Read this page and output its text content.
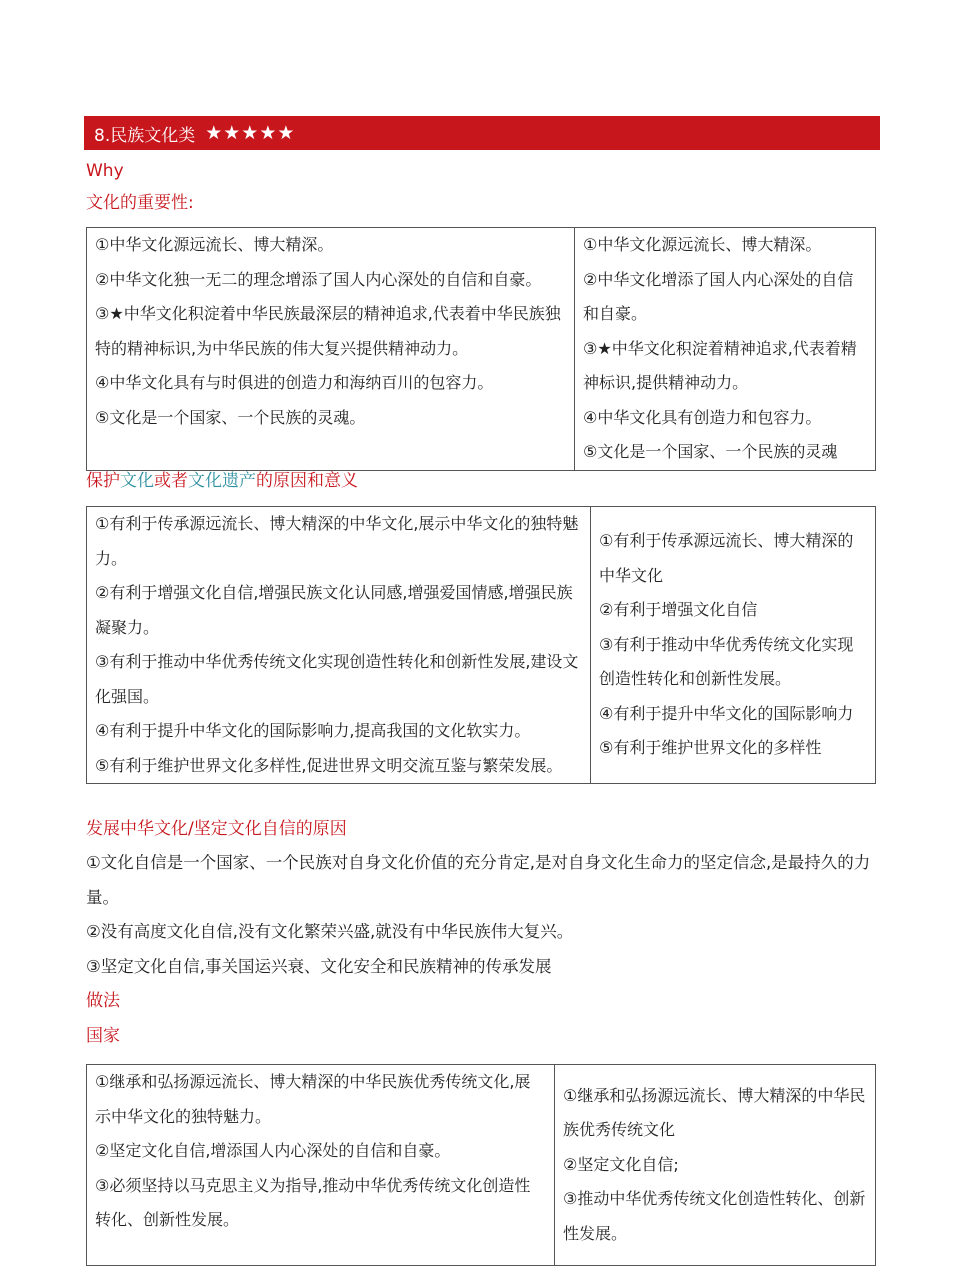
8.民族文化类 ★★★★★
Why
文化的重要性:
①中华文化源远流长、博大精深。
②中华文化独一无二的理念增添了国人内心深处的自信和自豪。
③★中华文化积淀着中华民族最深层的精神追求,代表着中华民族独特的精神标识,为中华民族的伟大复兴提供精神动力。
④中华文化具有与时俱进的创造力和海纳百川的包容力。
⑤文化是一个国家、一个民族的灵魂。

①中华文化源远流长、博大精深。
②中华文化增添了国人内心深处的自信和自豪。
③★中华文化积淀着精神追求,代表着精神标识,提供精神动力。
④中华文化具有创造力和包容力。
⑤文化是一个国家、一个民族的灵魂
保护文化或者文化遗产的原因和意义
①有利于传承源远流长、博大精深的中华文化,展示中华文化的独特魅力。
②有利于增强文化自信,增强民族文化认同感,增强爱国情感,增强民族凝聚力。
③有利于推动中华优秀传统文化实现创造性转化和创新性发展,建设文化强国。
④有利于提升中华文化的国际影响力,提高我国的文化软实力。
⑤有利于维护世界文化多样性,促进世界文明交流互鉴与繁荣发展。

①有利于传承源远流长、博大精深的中华文化
②有利于增强文化自信
③有利于推动中华优秀传统文化实现创造性转化和创新性发展。
④有利于提升中华文化的国际影响力
⑤有利于维护世界文化的多样性
发展中华文化/坚定文化自信的原因
①文化自信是一个国家、一个民族对自身文化价值的充分肯定,是对自身文化生命力的坚定信念,是最持久的力量。
②没有高度文化自信,没有文化繁荣兴盛,就没有中华民族伟大复兴。
③坚定文化自信,事关国运兴衰、文化安全和民族精神的传承发展
做法
国家
①继承和弘扬源远流长、博大精深的中华民族优秀传统文化,展示中华文化的独特魅力。
②坚定文化自信,增添国人内心深处的自信和自豪。
③必须坚持以马克思主义为指导,推动中华优秀传统文化创造性转化、创新性发展。

①继承和弘扬源远流长、博大精深的中华民族优秀传统文化
②坚定文化自信;
③推动中华优秀传统文化创造性转化、创新性发展。
